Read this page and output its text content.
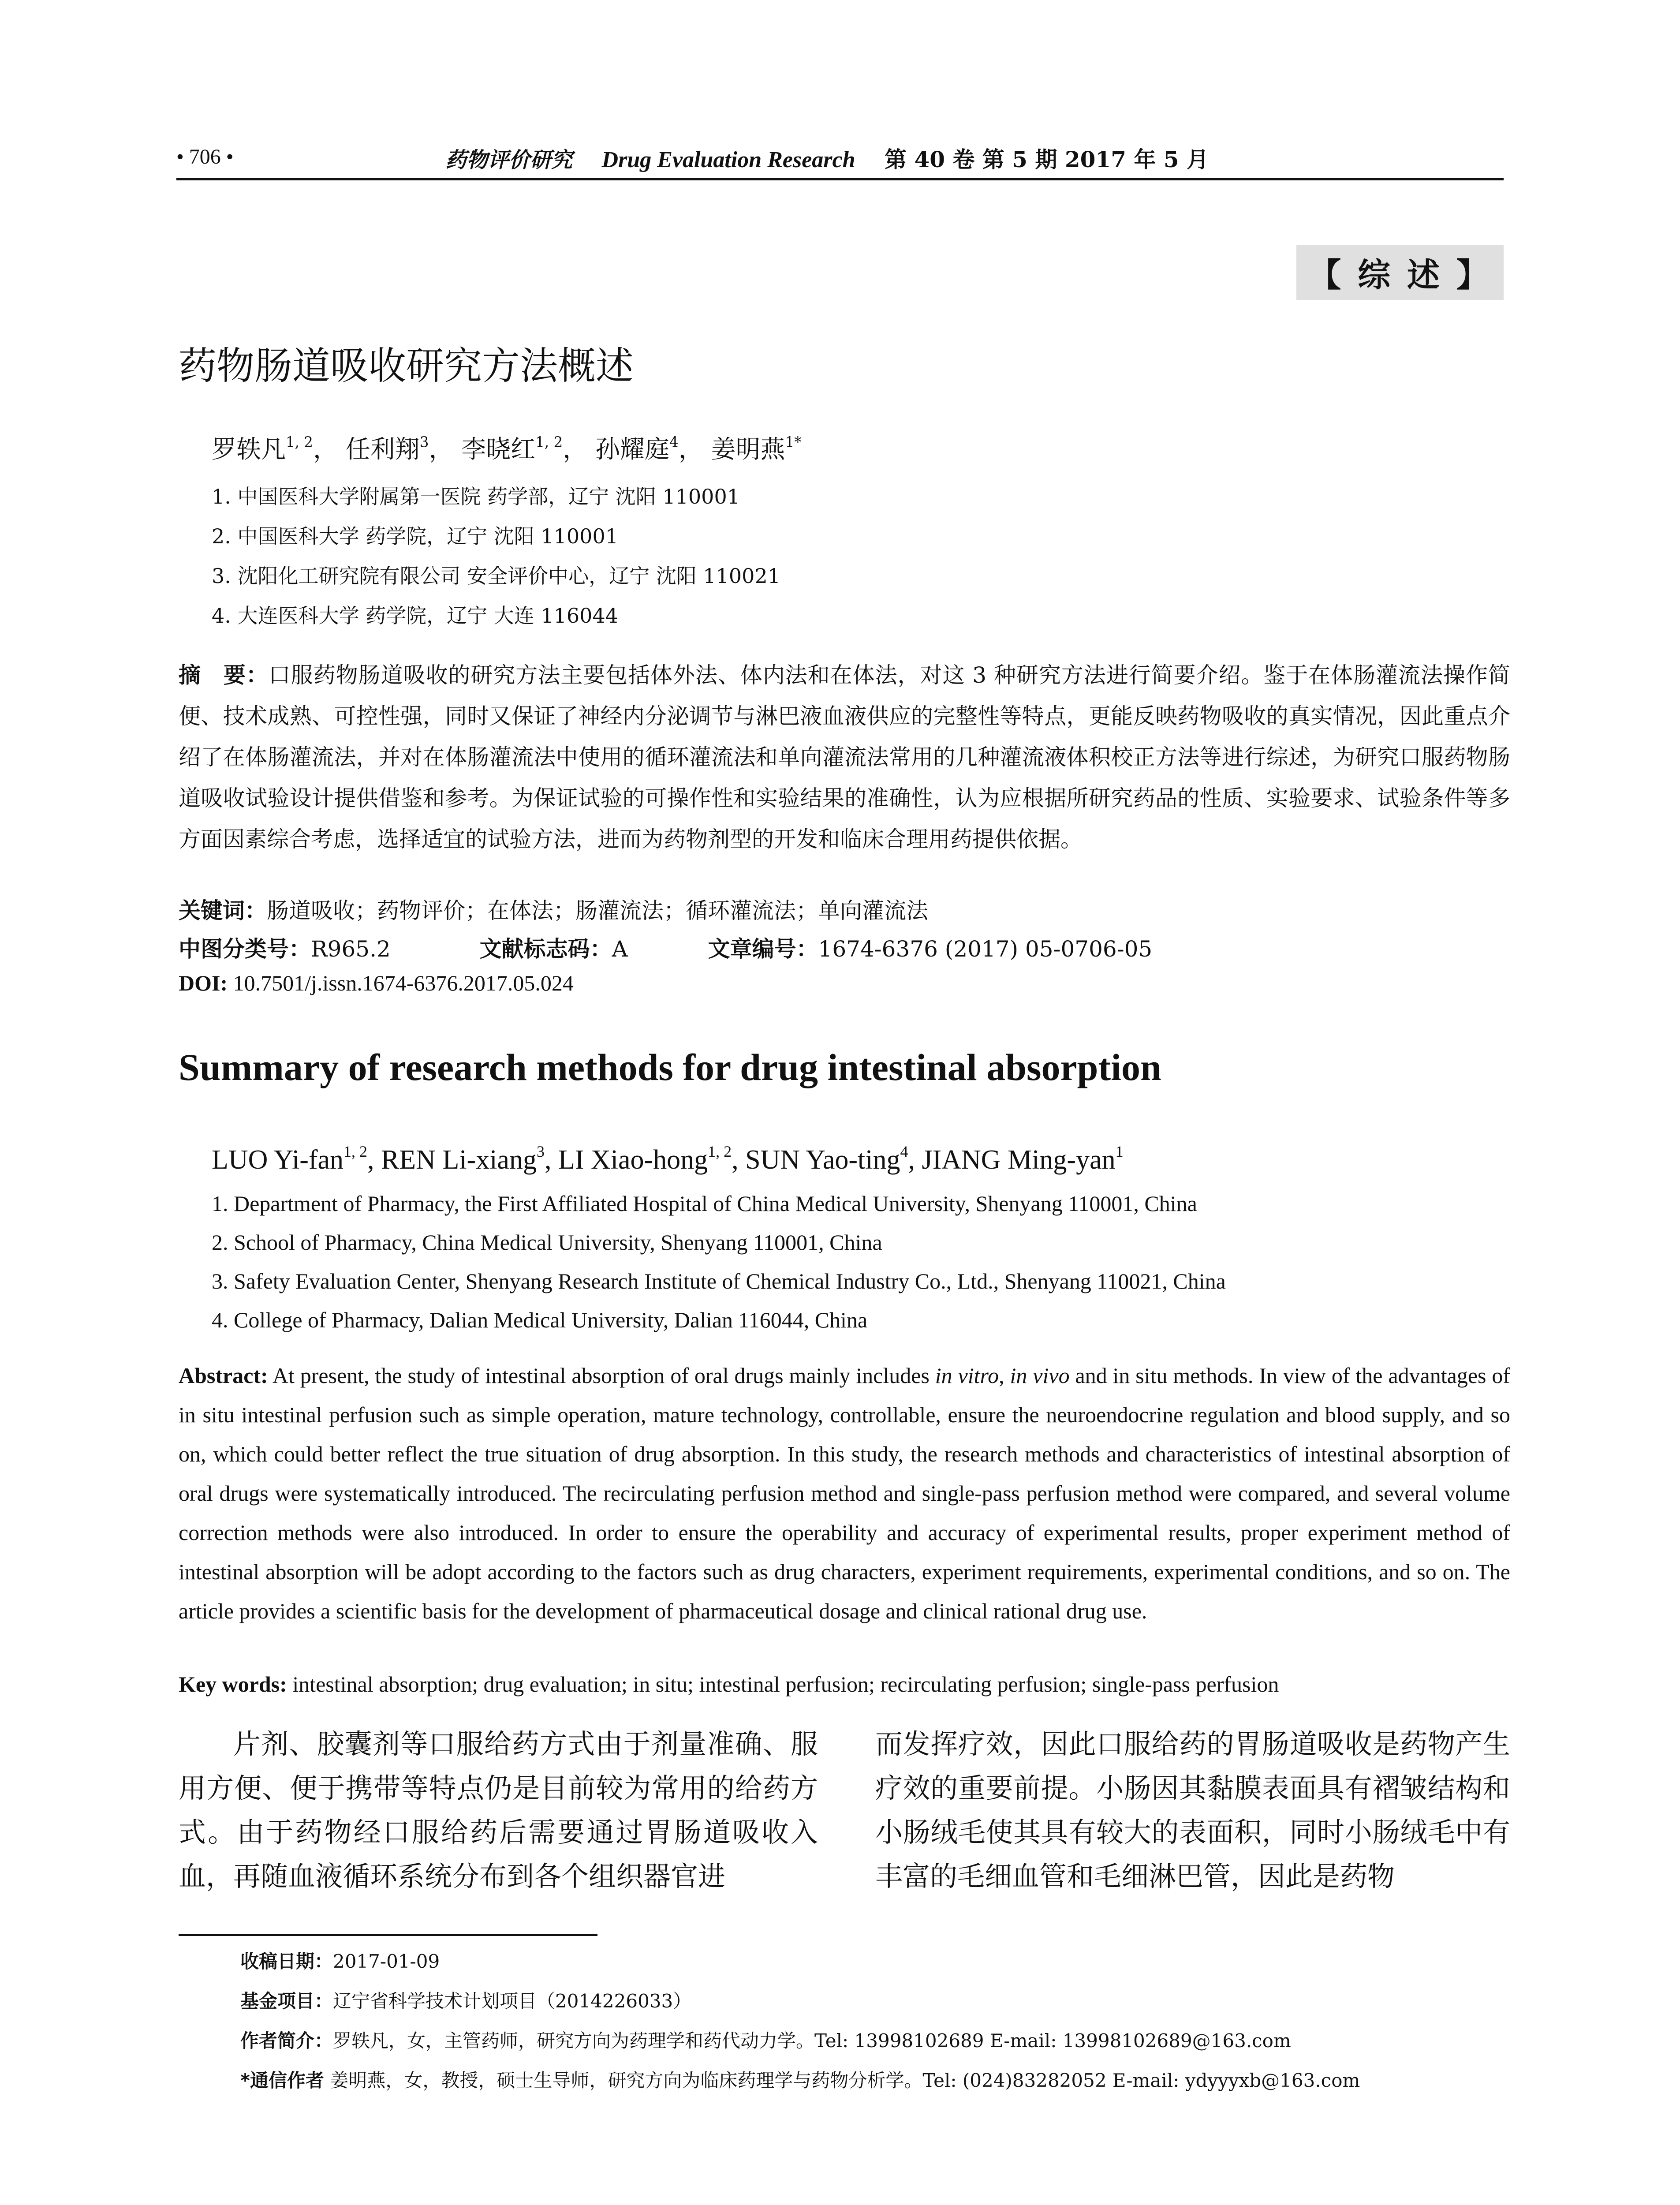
• 706 •	药物评价研究 Drug Evaluation Research 第 40 卷 第 5 期 2017 年 5 月
【 综 述 】
药物肠道吸收研究方法概述
罗轶凡$^{1, 2}$， 任利翔$^3$， 李晓红$^{1, 2}$， 孙耀庭$^4$， 姜明燕$^{1*}$
1. 中国医科大学附属第一医院 药学部，辽宁 沈阳 110001
2. 中国医科大学 药学院，辽宁 沈阳 110001
3. 沈阳化工研究院有限公司 安全评价中心，辽宁 沈阳 110021
4. 大连医科大学 药学院，辽宁 大连 116044
摘　要：口服药物肠道吸收的研究方法主要包括体外法、体内法和在体法，对这 3 种研究方法进行简要介绍。鉴于在体肠灌流法操作简便、技术成熟、可控性强，同时又保证了神经内分泌调节与淋巴液血液供应的完整性等特点，更能反映药物吸收的真实情况，因此重点介绍了在体肠灌流法，并对在体肠灌流法中使用的循环灌流法和单向灌流法常用的几种灌流液体积校正方法等进行综述，为研究口服药物肠道吸收试验设计提供借鉴和参考。为保证试验的可操作性和实验结果的准确性，认为应根据所研究药品的性质、实验要求、试验条件等多方面因素综合考虑，选择适宜的试验方法，进而为药物剂型的开发和临床合理用药提供依据。
关键词：肠道吸收；药物评价；在体法；肠灌流法；循环灌流法；单向灌流法
中图分类号：R965.2	文献标志码：A	文章编号：1674-6376 (2017) 05-0706-05
DOI: 10.7501/j.issn.1674-6376.2017.05.024
Summary of research methods for drug intestinal absorption
LUO Yi-fan$^{1, 2}$, REN Li-xiang$^3$, LI Xiao-hong$^{1, 2}$, SUN Yao-ting$^4$, JIANG Ming-yan$^1$
1. Department of Pharmacy, the First Affiliated Hospital of China Medical University, Shenyang 110001, China
2. School of Pharmacy, China Medical University, Shenyang 110001, China
3. Safety Evaluation Center, Shenyang Research Institute of Chemical Industry Co., Ltd., Shenyang 110021, China
4. College of Pharmacy, Dalian Medical University, Dalian 116044, China
Abstract: At present, the study of intestinal absorption of oral drugs mainly includes in vitro, in vivo and in situ methods. In view of the advantages of in situ intestinal perfusion such as simple operation, mature technology, controllable, ensure the neuroendocrine regulation and blood supply, and so on, which could better reflect the true situation of drug absorption. In this study, the research methods and characteristics of intestinal absorption of oral drugs were systematically introduced. The recirculating perfusion method and single-pass perfusion method were compared, and several volume correction methods were also introduced. In order to ensure the operability and accuracy of experimental results, proper experiment method of intestinal absorption will be adopt according to the factors such as drug characters, experiment requirements, experimental conditions, and so on. The article provides a scientific basis for the development of pharmaceutical dosage and clinical rational drug use.
Key words: intestinal absorption; drug evaluation; in situ; intestinal perfusion; recirculating perfusion; single-pass perfusion
片剂、胶囊剂等口服给药方式由于剂量准确、服用方便、便于携带等特点仍是目前较为常用的给药方式。由于药物经口服给药后需要通过胃肠道吸收入血，再随血液循环系统分布到各个组织器官进
而发挥疗效，因此口服给药的胃肠道吸收是药物产生疗效的重要前提。小肠因其黏膜表面具有褶皱结构和小肠绒毛使其具有较大的表面积，同时小肠绒毛中有丰富的毛细血管和毛细淋巴管，因此是药物
收稿日期：2017-01-09
基金项目：辽宁省科学技术计划项目（2014226033）
作者简介：罗轶凡，女，主管药师，研究方向为药理学和药代动力学。Tel: 13998102689 E-mail: 13998102689@163.com
*通信作者 姜明燕，女，教授，硕士生导师，研究方向为临床药理学与药物分析学。Tel: (024)83282052 E-mail: ydyyyxb@163.com
